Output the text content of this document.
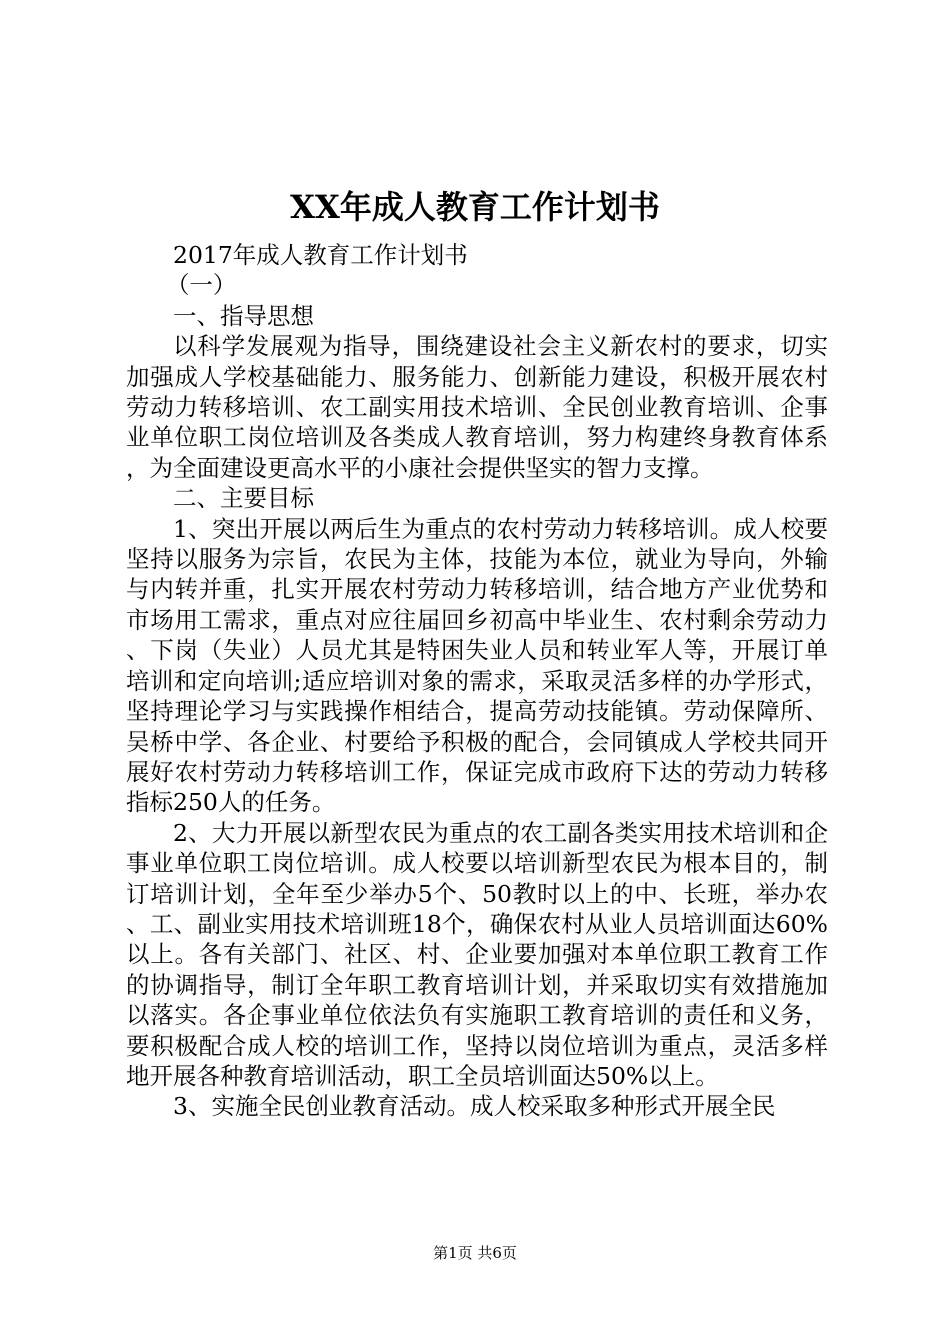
XX年成人教育工作计划书

2017年成人教育工作计划书

（一）

一、指导思想

以科学发展观为指导，围绕建设社会主义新农村的要求，切实加强成人学校基础能力、服务能力、创新能力建设，积极开展农村劳动力转移培训、农工副实用技术培训、全民创业教育培训、企事业单位职工岗位培训及各类成人教育培训，努力构建终身教育体系，为全面建设更高水平的小康社会提供坚实的智力支撑。

二、主要目标

1、突出开展以两后生为重点的农村劳动力转移培训。成人校要坚持以服务为宗旨，农民为主体，技能为本位，就业为导向，外输与内转并重，扎实开展农村劳动力转移培训，结合地方产业优势和市场用工需求，重点对应往届回乡初高中毕业生、农村剩余劳动力、下岗（失业）人员尤其是特困失业人员和转业军人等，开展订单培训和定向培训;适应培训对象的需求，采取灵活多样的办学形式，坚持理论学习与实践操作相结合，提高劳动技能镇。劳动保障所、吴桥中学、各企业、村要给予积极的配合，会同镇成人学校共同开展好农村劳动力转移培训工作，保证完成市政府下达的劳动力转移指标250人的任务。

2、大力开展以新型农民为重点的农工副各类实用技术培训和企事业单位职工岗位培训。成人校要以培训新型农民为根本目的，制订培训计划，全年至少举办5个、50教时以上的中、长班，举办农、工、副业实用技术培训班18个，确保农村从业人员培训面达60%以上。各有关部门、社区、村、企业要加强对本单位职工教育工作的协调指导，制订全年职工教育培训计划，并采取切实有效措施加以落实。各企事业单位依法负有实施职工教育培训的责任和义务，要积极配合成人校的培训工作，坚持以岗位培训为重点，灵活多样地开展各种教育培训活动，职工全员培训面达50%以上。

3、实施全民创业教育活动。成人校采取多种形式开展全民

第1页 共6页
